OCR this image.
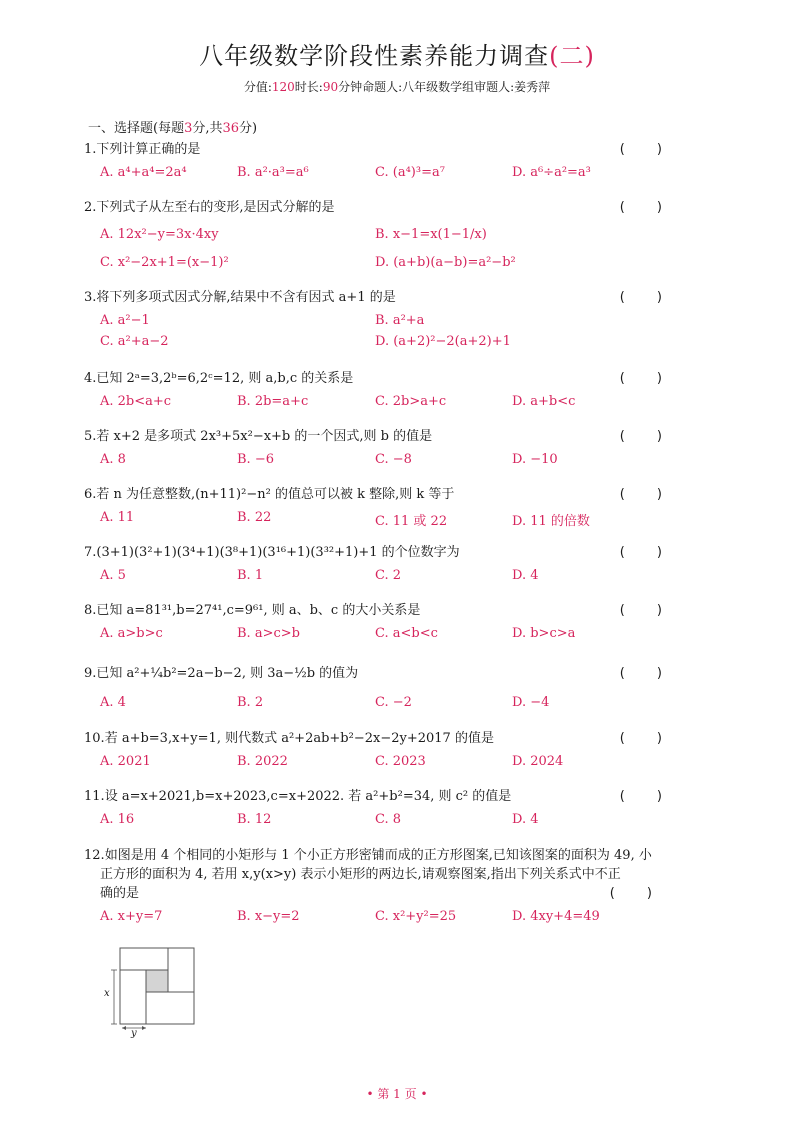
八年级数学阶段性素养能力调查(二)
分值:120时长:90分钟命题人:八年级数学组审题人:姜秀萍
一、选择题(每题3分,共36分)
1.下列计算正确的是	( )
A. a⁴+a⁴=2a⁴	B. a²·a³=a⁶	C. (a⁴)³=a⁷	D. a⁶÷a²=a³
2.下列式子从左至右的变形,是因式分解的是	( )
A. 12x²−y=3x·4xy	B. x−1=x(1−1/x)
C. x²−2x+1=(x−1)²	D. (a+b)(a−b)=a²−b²
3.将下列多项式因式分解,结果中不含有因式 a+1 的是	( )
A. a²−1	B. a²+a
C. a²+a−2	D. (a+2)²−2(a+2)+1
4.已知 2ᵃ=3,2ᵇ=6,2ᶜ=12, 则 a,b,c 的关系是	( )
A. 2b<a+c	B. 2b=a+c	C. 2b>a+c	D. a+b<c
5.若 x+2 是多项式 2x³+5x²−x+b 的一个因式,则 b 的值是	( )
A. 8	B. −6	C. −8	D. −10
6.若 n 为任意整数,(n+11)²−n² 的值总可以被 k 整除,则 k 等于	( )
A. 11	B. 22	C. 11 或 22	D. 11 的倍数
7.(3+1)(3²+1)(3⁴+1)(3⁸+1)(3¹⁶+1)(3³²+1)+1 的个位数字为	( )
A. 5	B. 1	C. 2	D. 4
8.已知 a=81³¹,b=27⁴¹,c=9⁶¹, 则 a、b、c 的大小关系是	( )
A. a>b>c	B. a>c>b	C. a<b<c	D. b>c>a
9.已知 a²+¼b²=2a−b−2, 则 3a−½b 的值为	( )
A. 4	B. 2	C. −2	D. −4
10.若 a+b=3,x+y=1, 则代数式 a²+2ab+b²−2x−2y+2017 的值是	( )
A. 2021	B. 2022	C. 2023	D. 2024
11.设 a=x+2021,b=x+2023,c=x+2022. 若 a²+b²=34, 则 c² 的值是	( )
A. 16	B. 12	C. 8	D. 4
12.如图是用 4 个相同的小矩形与 1 个小正方形密铺而成的正方形图案,已知该图案的面积为 49, 小
正方形的面积为 4, 若用 x,y(x>y) 表示小矩形的两边长,请观察图案,指出下列关系式中不正
确的是	( )
A. x+y=7	B. x−y=2	C. x²+y²=25	D. 4xy+4=49
x
y
• 第 1 页 •
